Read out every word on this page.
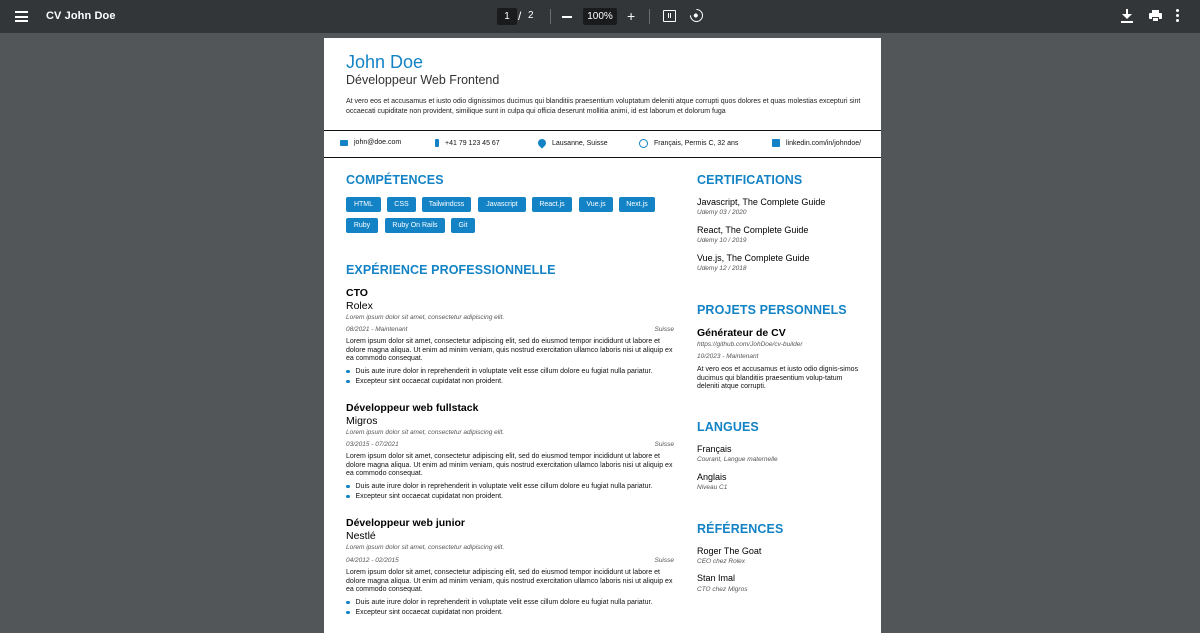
CV John Doe	1 / 2	100%	+
John Doe
Développeur Web Frontend
At vero eos et accusamus et iusto odio dignissimos ducimus qui blanditiis praesentium voluptatum deleniti atque corrupti quos dolores et quas molestias excepturi sint occaecati cupiditate non provident, similique sunt in culpa qui officia deserunt mollitia animi, id est laborum et dolorum fuga
john@doe.com	+41 79 123 45 67	Lausanne, Suisse	Français, Permis C, 32 ans	linkedin.com/in/johndoe/
COMPÉTENCES
HTML	CSS	Tailwindcss	Javascript	React.js	Vue.js	Next.js
Ruby	Ruby On Rails	Git
EXPÉRIENCE PROFESSIONNELLE
CTO
Rolex
Lorem ipsum dolor sit amet, consectetur adipiscing elit.
08/2021 - Maintenant	Suisse
Lorem ipsum dolor sit amet, consectetur adipiscing elit, sed do eiusmod tempor incididunt ut labore et dolore magna aliqua. Ut enim ad minim veniam, quis nostrud exercitation ullamco laboris nisi ut aliquip ex ea commodo consequat.
Duis aute irure dolor in reprehenderit in voluptate velit esse cillum dolore eu fugiat nulla pariatur.
Excepteur sint occaecat cupidatat non proident.
Développeur web fullstack
Migros
Lorem ipsum dolor sit amet, consectetur adipiscing elit.
03/2015 - 07/2021	Suisse
Lorem ipsum dolor sit amet, consectetur adipiscing elit, sed do eiusmod tempor incididunt ut labore et dolore magna aliqua. Ut enim ad minim veniam, quis nostrud exercitation ullamco laboris nisi ut aliquip ex ea commodo consequat.
Duis aute irure dolor in reprehenderit in voluptate velit esse cillum dolore eu fugiat nulla pariatur.
Excepteur sint occaecat cupidatat non proident.
Développeur web junior
Nestlé
Lorem ipsum dolor sit amet, consectetur adipiscing elit.
04/2012 - 02/2015	Suisse
Lorem ipsum dolor sit amet, consectetur adipiscing elit, sed do eiusmod tempor incididunt ut labore et dolore magna aliqua. Ut enim ad minim veniam, quis nostrud exercitation ullamco laboris nisi ut aliquip ex ea commodo consequat.
Duis aute irure dolor in reprehenderit in voluptate velit esse cillum dolore eu fugiat nulla pariatur.
Excepteur sint occaecat cupidatat non proident.
CERTIFICATIONS
Javascript, The Complete Guide
Udemy 03 / 2020
React, The Complete Guide
Udemy 10 / 2019
Vue.js, The Complete Guide
Udemy 12 / 2018
PROJETS PERSONNELS
Générateur de CV
https://github.com/JohDoe/cv-builder
10/2023 - Maintenant
At vero eos et accusamus et iusto odio dignis-simos ducimus qui blanditiis praesentium volup-tatum deleniti atque corrupti.
LANGUES
Français
Courant, Langue maternelle
Anglais
Niveau C1
RÉFÉRENCES
Roger The Goat
CEO chez Rolex
Stan Imal
CTO chez Migros
